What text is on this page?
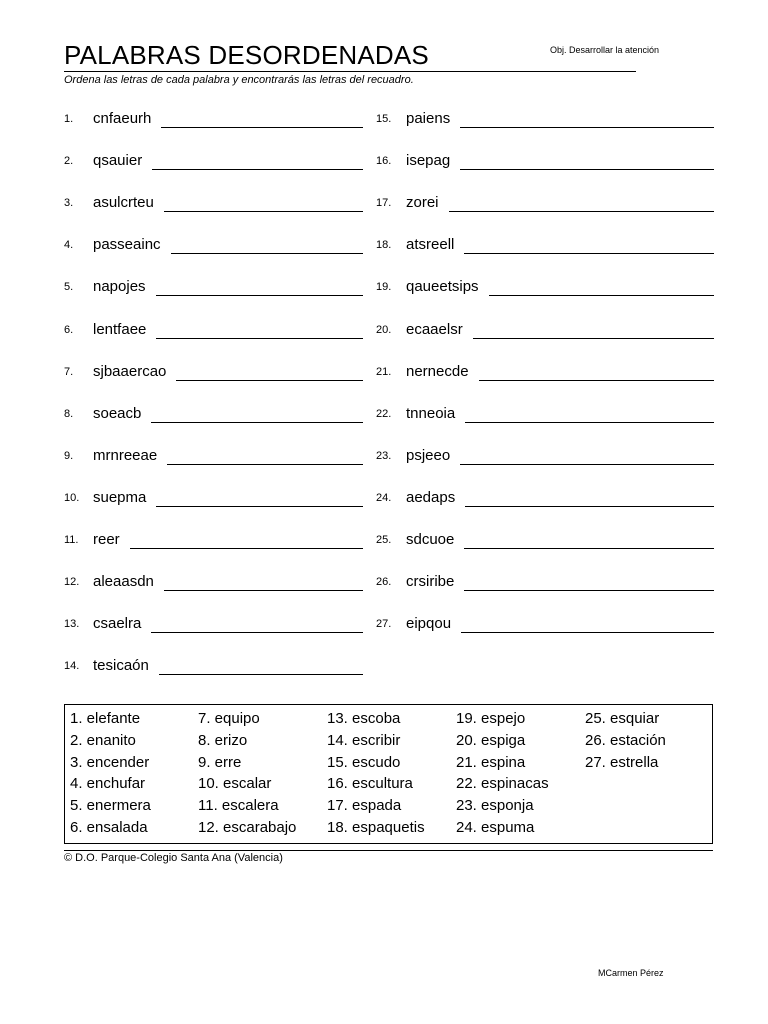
PALABRAS DESORDENADAS	Obj. Desarrollar la atención
Ordena las letras de cada palabra y encontrarás las letras del recuadro.
1. cnfaeurh
2. qsauier
3. asulcrteu
4. passeainc
5. napojes
6. lentfaee
7. sjbaaercao
8. soeacb
9. mrnreeae
10. suepma
11. reer
12. aleaasdn
13. csaelra
14. tesicaón
15. paiens
16. isepag
17. zorei
18. atsreell
19. qaueetsips
20. ecaaelsr
21. nernecde
22. tnneoia
23. psjeeo
24. aedaps
25. sdcuoe
26. crsiribe
27. eipqou
1. elefante
2. enanito
3. encender
4. enchufar
5. enermera
6. ensalada
7. equipo
8. erizo
9. erre
10. escalar
11. escalera
12. escarabajo
13. escoba
14. escribir
15. escudo
16. escultura
17. espada
18. espaquetis
19. espejo
20. espiga
21. espina
22. espinacas
23. esponja
24. espuma
25. esquiar
26. estación
27. estrella
© D.O. Parque-Colegio Santa Ana (Valencia)
MCarmen Pérez
